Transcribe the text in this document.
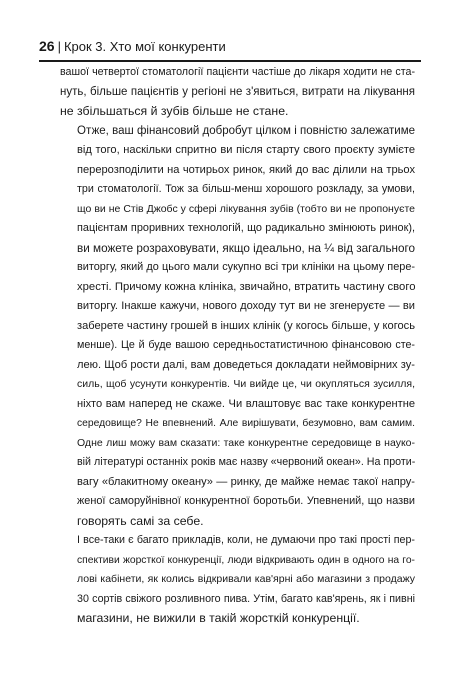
26 | Крок 3. Хто мої конкуренти

вашої четвертої стоматології пацієнти частіше до лікаря ходити не ста-
нуть, більше пацієнтів у регіоні не з'явиться, витрати на лікування
не збільшаться й зубів більше не стане.

Отже, ваш фінансовий добробут цілком і повністю залежатиме
від того, наскільки спритно ви після старту свого проєкту зумієте
перерозподілити на чотирьох ринок, який до вас ділили на трьох
три стоматології. Тож за більш-менш хорошого розкладу, за умови,
що ви не Стів Джобс у сфері лікування зубів (тобто ви не пропонуєте
пацієнтам проривних технологій, що радикально змінюють ринок),
ви можете розраховувати, якщо ідеально, на ¼ від загального
виторгу, який до цього мали сукупно всі три клініки на цьому пере-
хресті. Причому кожна клініка, звичайно, втратить частину свого
виторгу. Інакше кажучи, нового доходу тут ви не згенеруєте — ви
заберете частину грошей в інших клінік (у когось більше, у когось
менше). Це й буде вашою середньостатистичною фінансовою сте-
лею. Щоб рости далі, вам доведеться докладати неймовірних зу-
силь, щоб усунути конкурентів. Чи вийде це, чи окупляться зусилля,
ніхто вам наперед не скаже. Чи влаштовує вас таке конкурентне
середовище? Не впевнений. Але вирішувати, безумовно, вам самим.
Одне лиш можу вам сказати: таке конкурентне середовище в науко-
вій літературі останніх років має назву «червоний океан». На проти-
вагу «блакитному океану» — ринку, де майже немає такої напру-
женої саморуйнівної конкурентної боротьби. Упевнений, що назви
говорять самі за себе.

І все-таки є багато прикладів, коли, не думаючи про такі прості пер-
спективи жорсткої конкуренції, люди відкривають один в одного на го-
лові кабінети, як колись відкривали кав'ярні або магазини з продажу
30 сортів свіжого розливного пива. Утім, багато кав'ярень, як і пивні
магазини, не вижили в такій жорсткій конкуренції.
